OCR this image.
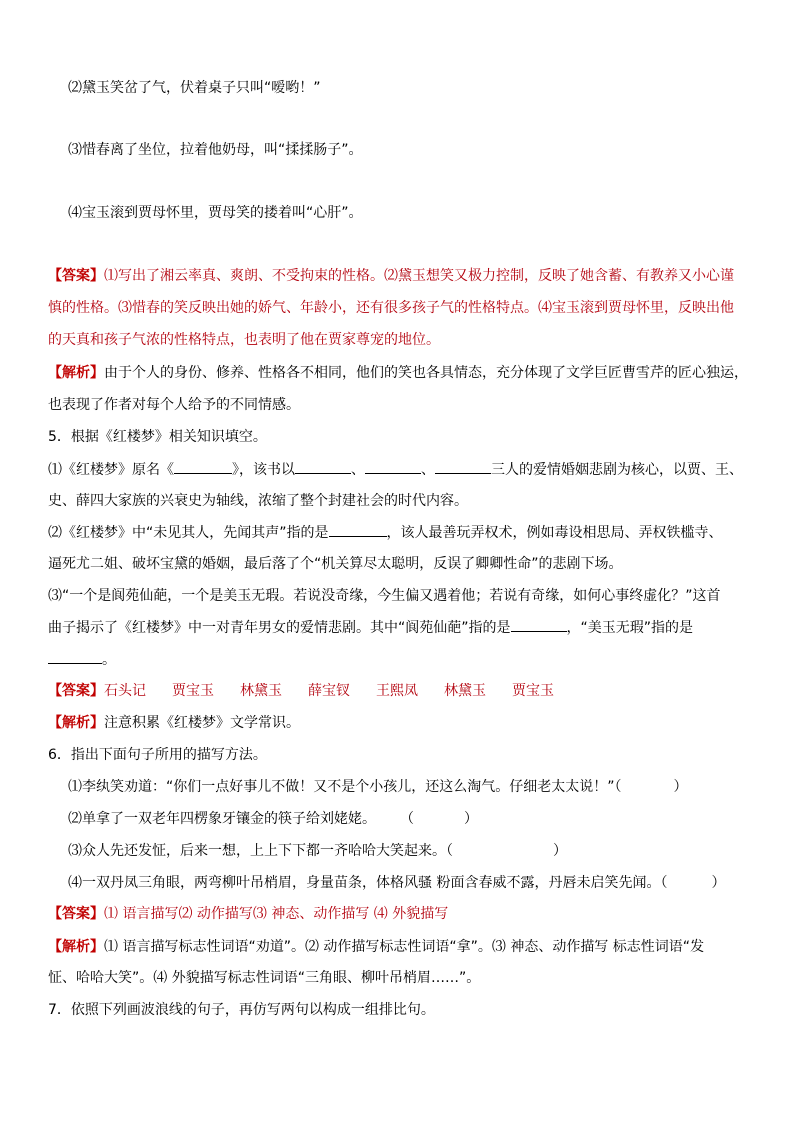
⑵黛玉笑岔了气，伏着桌子只叫“嗳哟！”
⑶惜春离了坐位，拉着他奶母，叫“揉揉肠子”。
⑷宝玉滚到贾母怀里，贾母笑的搂着叫“心肝”。
【答案】⑴写出了湘云率真、爽朗、不受拘束的性格。⑵黛玉想笑又极力控制，反映了她含蓄、有教养又小心谨
慎的性格。⑶惜春的笑反映出她的娇气、年龄小，还有很多孩子气的性格特点。⑷宝玉滚到贾母怀里，反映出他
的天真和孩子气浓的性格特点，也表明了他在贾家尊宠的地位。
【解析】由于个人的身份、修养、性格各不相同，他们的笑也各具情态，充分体现了文学巨匠曹雪芹的匠心独运，
也表现了作者对每个人给予的不同情感。
5．根据《红楼梦》相关知识填空。
⑴《红楼梦》原名《	》，该书以	、	、	三人的爱情婚姻悲剧为核心，以贾、王、
史、薛四大家族的兴衰史为轴线，浓缩了整个封建社会的时代内容。
⑵《红楼梦》中“未见其人，先闻其声”指的是	，该人最善玩弄权术，例如毒设相思局、弄权铁槛寺、
逼死尤二姐、破坏宝黛的婚姻，最后落了个“机关算尽太聪明，反误了卿卿性命”的悲剧下场。
⑶“一个是阆苑仙葩，一个是美玉无瑕。若说没奇缘，今生偏又遇着他；若说有奇缘，如何心事终虚化？”这首
曲子揭示了《红楼梦》中一对青年男女的爱情悲剧。其中“阆苑仙葩”指的是	，“美玉无瑕”指的是
。
【答案】石头记 贾宝玉 林黛玉 薛宝钗 王熙凤 林黛玉 贾宝玉
【解析】注意积累《红楼梦》文学常识。
6．指出下面句子所用的描写方法。
⑴李纨笑劝道：“你们一点好事儿不做！又不是个小孩儿，还这么淘气。仔细老太太说！”（	）
⑵单拿了一双老年四楞象牙镶金的筷子给刘姥姥。 （	）
⑶众人先还发怔，后来一想，上上下下都一齐哈哈大笑起来。（	）
⑷一双丹凤三角眼，两弯柳叶吊梢眉，身量苗条，体格风骚 粉面含春威不露，丹唇未启笑先闻。（	）
【答案】⑴ 语言描写⑵ 动作描写⑶ 神态、动作描写 ⑷ 外貌描写
【解析】⑴ 语言描写标志性词语“劝道”。⑵ 动作描写标志性词语“拿”。⑶ 神态、动作描写 标志性词语“发
怔、哈哈大笑”。⑷ 外貌描写标志性词语“三角眼、柳叶吊梢眉……”。
7．依照下列画波浪线的句子，再仿写两句以构成一组排比句。
